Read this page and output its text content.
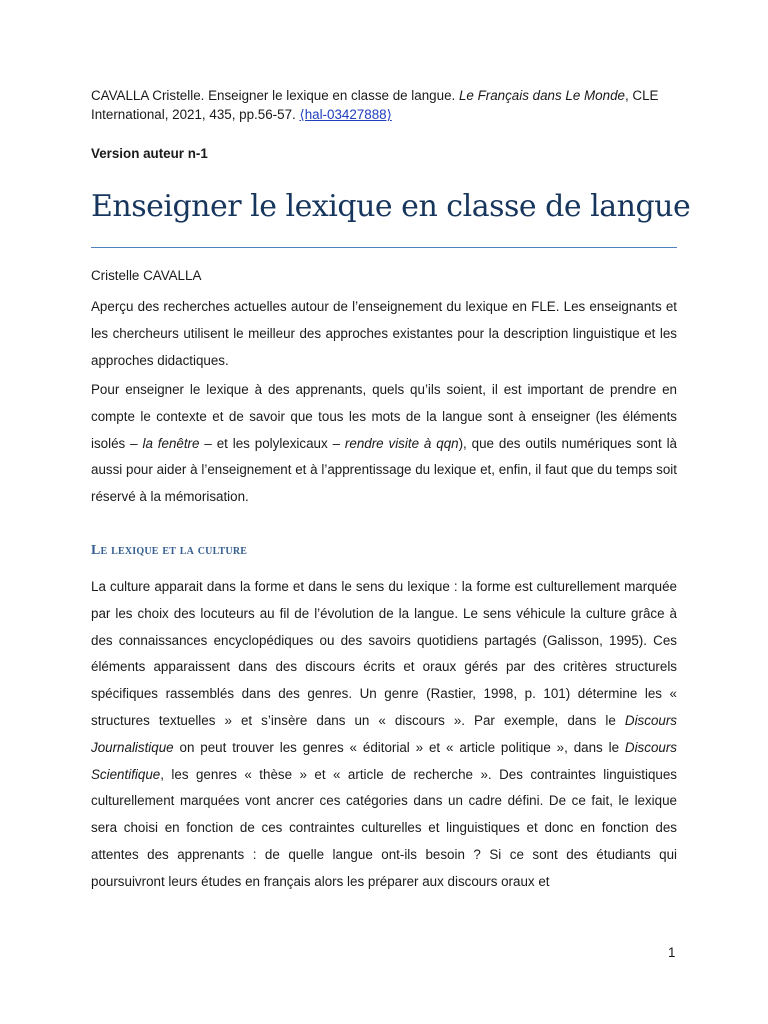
CAVALLA Cristelle. Enseigner le lexique en classe de langue. Le Français dans Le Monde, CLE International, 2021, 435, pp.56-57. ⟨hal-03427888⟩
Version auteur n-1
Enseigner le lexique en classe de langue
Cristelle CAVALLA

Aperçu des recherches actuelles autour de l’enseignement du lexique en FLE. Les enseignants et les chercheurs utilisent le meilleur des approches existantes pour la description linguistique et les approches didactiques.

Pour enseigner le lexique à des apprenants, quels qu’ils soient, il est important de prendre en compte le contexte et de savoir que tous les mots de la langue sont à enseigner (les éléments isolés – la fenêtre – et les polylexicaux – rendre visite à qqn), que des outils numériques sont là aussi pour aider à l’enseignement et à l’apprentissage du lexique et, enfin, il faut que du temps soit réservé à la mémorisation.

Le lexique et la culture

La culture apparait dans la forme et dans le sens du lexique : la forme est culturellement marquée par les choix des locuteurs au fil de l’évolution de la langue. Le sens véhicule la culture grâce à des connaissances encyclopédiques ou des savoirs quotidiens partagés (Galisson, 1995). Ces éléments apparaissent dans des discours écrits et oraux gérés par des critères structurels spécifiques rassemblés dans des genres. Un genre (Rastier, 1998, p. 101) détermine les « structures textuelles » et s’insère dans un « discours ». Par exemple, dans le Discours Journalistique on peut trouver les genres « éditorial » et « article politique », dans le Discours Scientifique, les genres « thèse » et « article de recherche ». Des contraintes linguistiques culturellement marquées vont ancrer ces catégories dans un cadre défini. De ce fait, le lexique sera choisi en fonction de ces contraintes culturelles et linguistiques et donc en fonction des attentes des apprenants : de quelle langue ont-ils besoin ? Si ce sont des étudiants qui poursuivront leurs études en français alors les préparer aux discours oraux et

1
